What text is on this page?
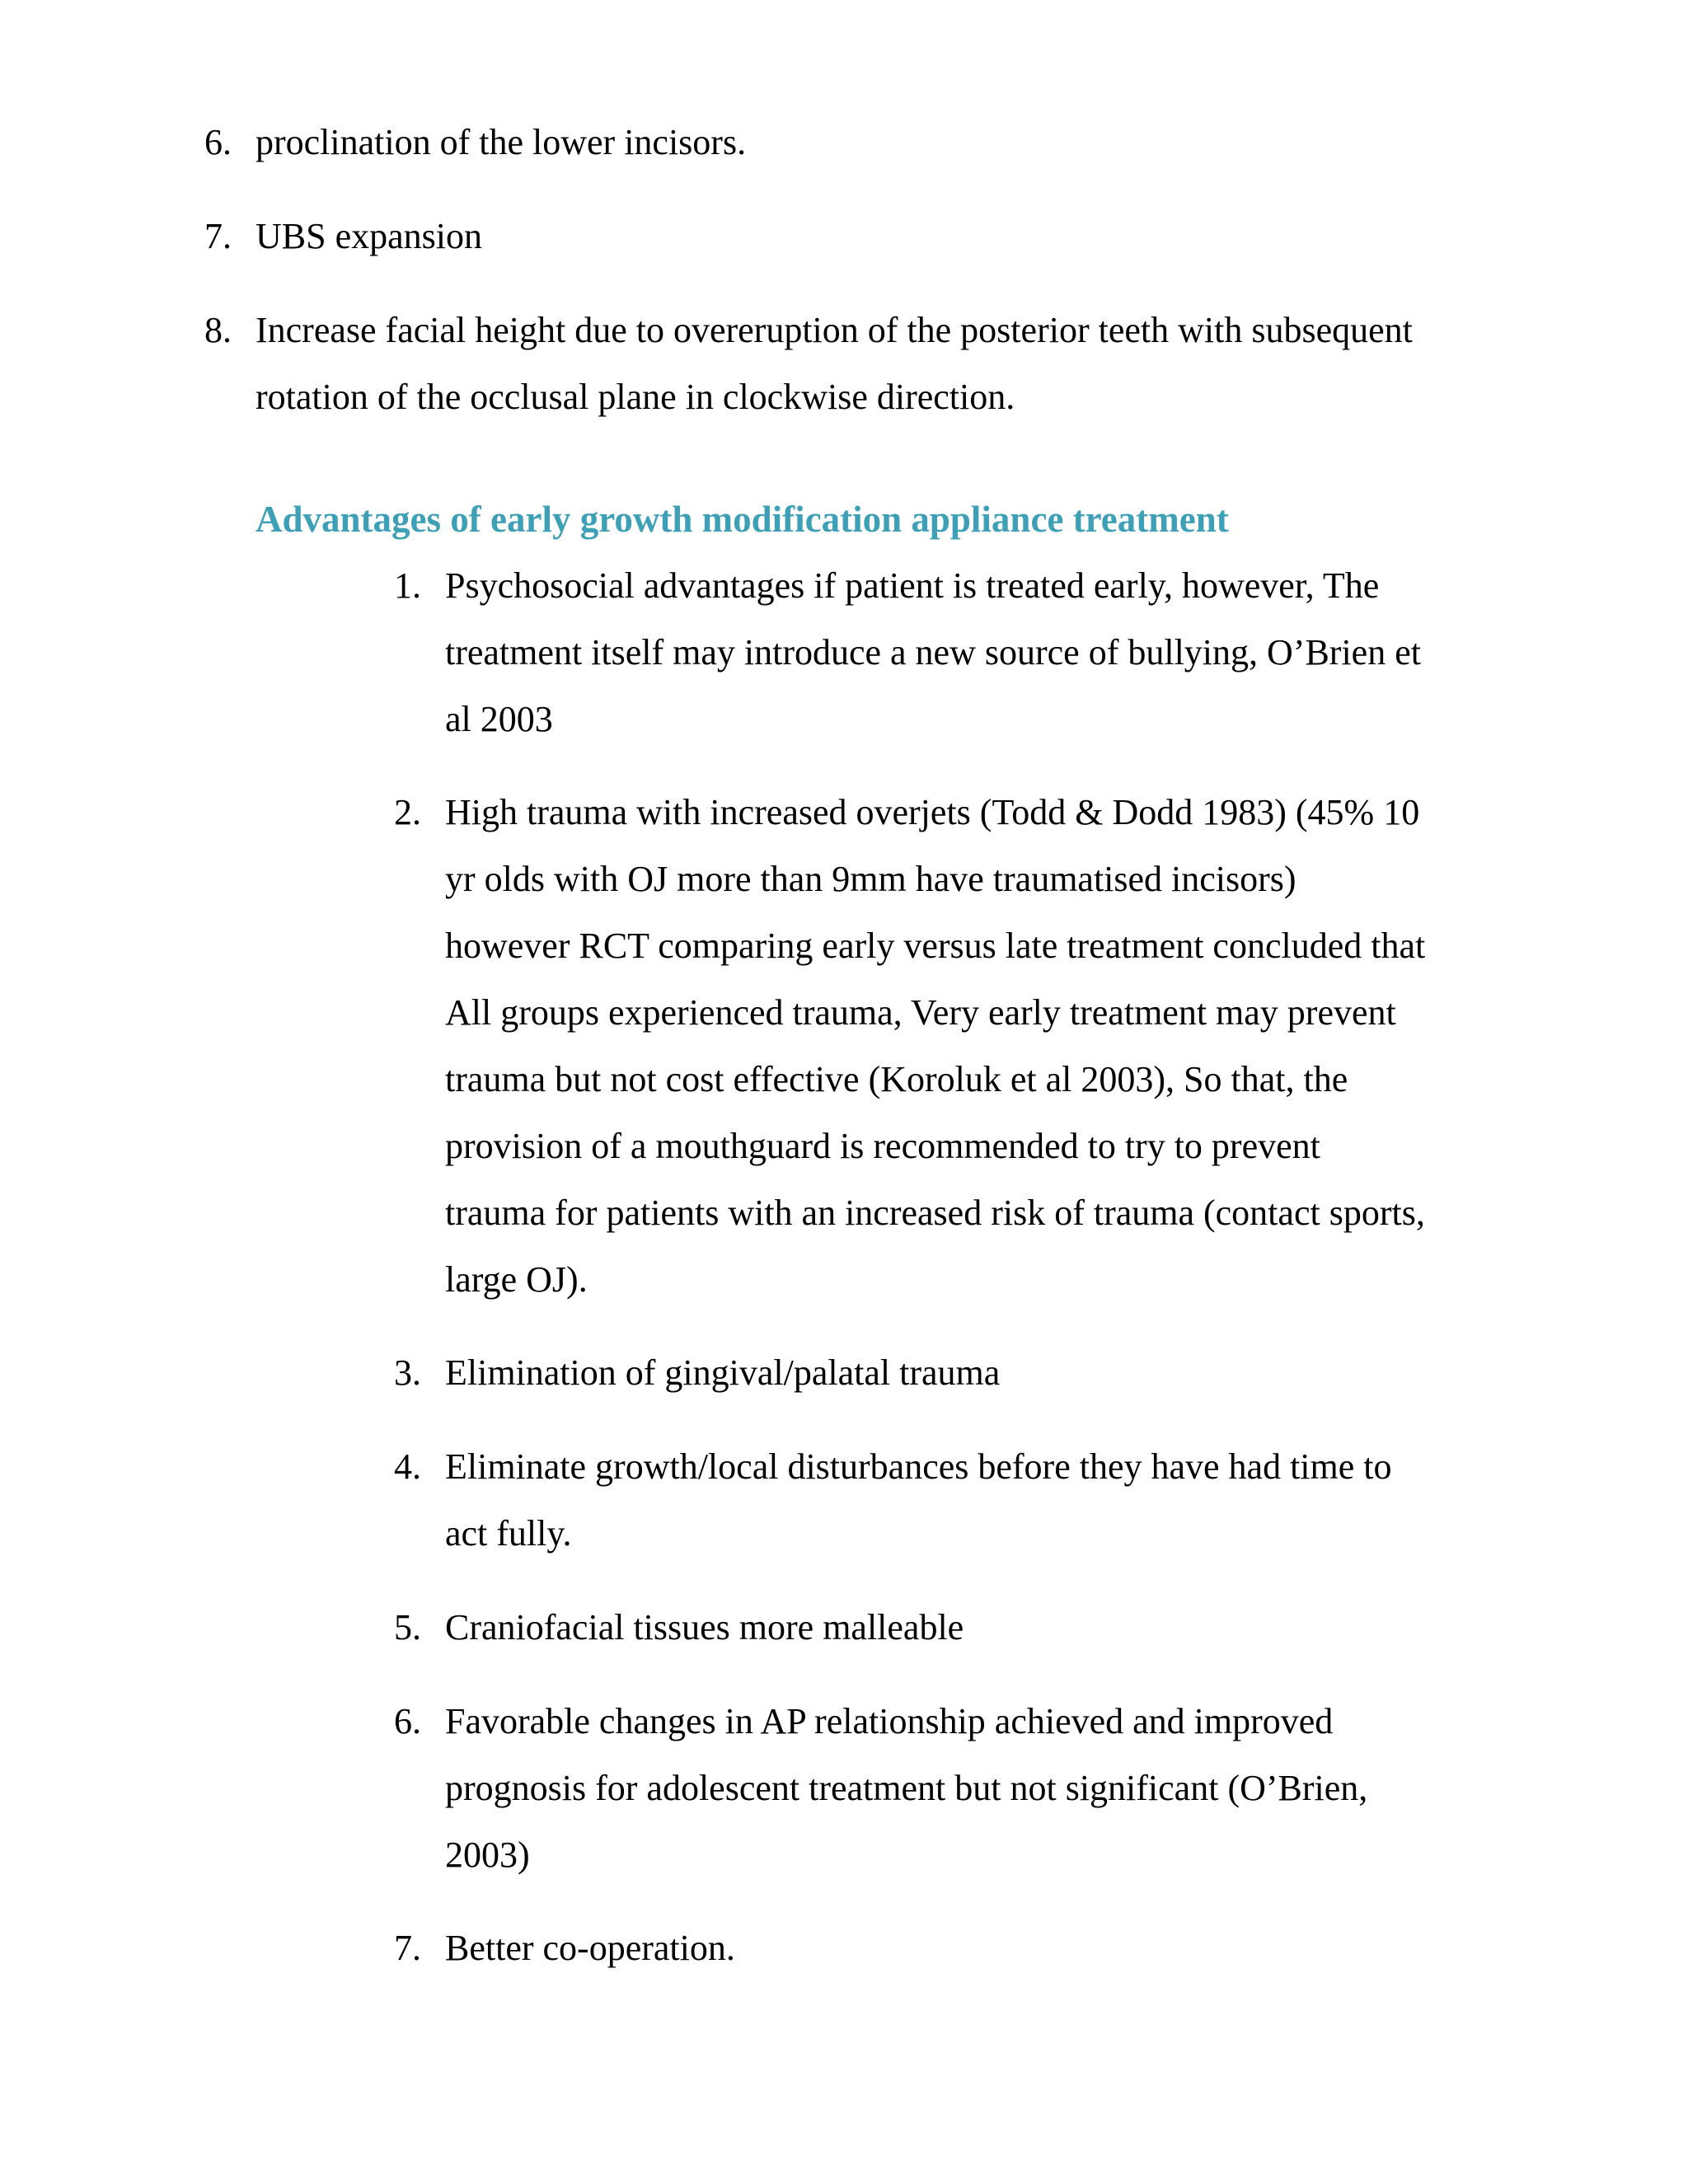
6. proclination of the lower incisors.
7. UBS expansion
8. Increase facial height due to overeruption of the posterior teeth with subsequent
rotation of the occlusal plane in clockwise direction.
Advantages of early growth modification appliance treatment
1. Psychosocial advantages if patient is treated early, however, The
treatment itself may introduce a new source of bullying, O’Brien et
al 2003
2. High trauma with increased overjets (Todd & Dodd 1983) (45% 10
yr olds with OJ more than 9mm have traumatised incisors)
however RCT comparing early versus late treatment concluded that
All groups experienced trauma, Very early treatment may prevent
trauma but not cost effective (Koroluk et al 2003), So that, the
provision of a mouthguard is recommended to try to prevent
trauma for patients with an increased risk of trauma (contact sports,
large OJ).
3. Elimination of gingival/palatal trauma
4. Eliminate growth/local disturbances before they have had time to
act fully.
5. Craniofacial tissues more malleable
6. Favorable changes in AP relationship achieved and improved
prognosis for adolescent treatment but not significant (O’Brien,
2003)
7. Better co-operation.
